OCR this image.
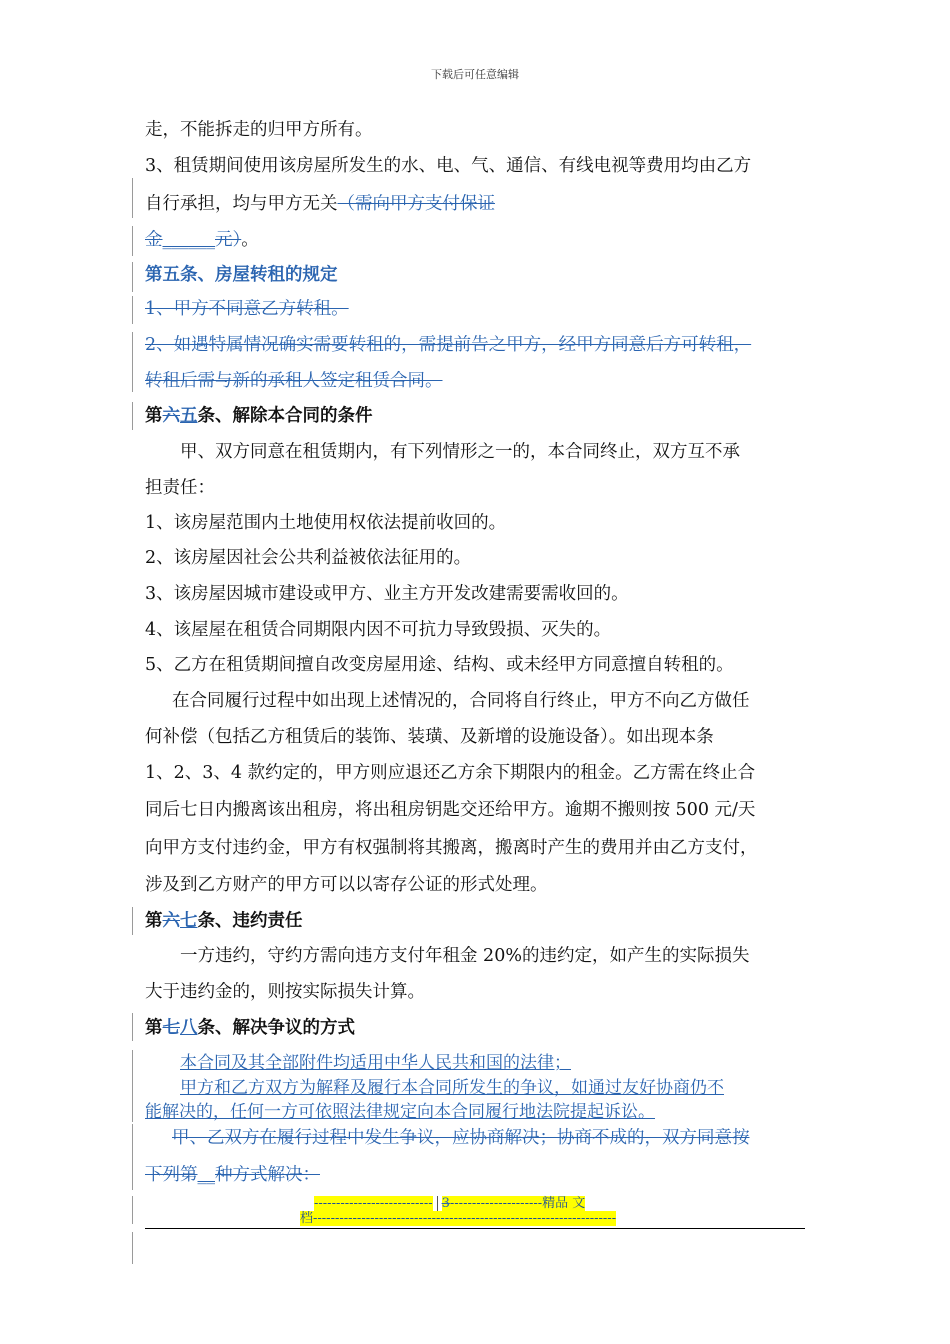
下载后可任意编辑
走，不能拆走的归甲方所有。
3、租赁期间使用该房屋所发生的水、电、气、通信、有线电视等费用均由乙方
自行承担，均与甲方无关（需向甲方支付保证
金______元）。
第五条、房屋转租的规定
1、甲方不同意乙方转租。
2、如遇特属情况确实需要转租的，需提前告之甲方，经甲方同意后方可转租，
转租后需与新的承租人签定租赁合同。
第六五条、解除本合同的条件
甲、双方同意在租赁期内，有下列情形之一的，本合同终止，双方互不承
担责任：
1、该房屋范围内土地使用权依法提前收回的。
2、该房屋因社会公共利益被依法征用的。
3、该房屋因城市建设或甲方、业主方开发改建需要需收回的。
4、该屋屋在租赁合同期限内因不可抗力导致毁损、灭失的。
5、乙方在租赁期间擅自改变房屋用途、结构、或未经甲方同意擅自转租的。
在合同履行过程中如出现上述情况的，合同将自行终止，甲方不向乙方做任
何补偿（包括乙方租赁后的装饰、装璜、及新增的设施设备）。如出现本条
1、2、3、4 款约定的，甲方则应退还乙方余下期限内的租金。乙方需在终止合
同后七日内搬离该出租房，将出租房钥匙交还给甲方。逾期不搬则按 500 元/天
向甲方支付违约金，甲方有权强制将其搬离，搬离时产生的费用并由乙方支付，
涉及到乙方财产的甲方可以以寄存公证的形式处理。
第六七条、违约责任
一方违约，守约方需向违方支付年租金 20%的违约定，如产生的实际损失
大于违约金的，则按实际损失计算。
第七八条、解决争议的方式
本合同及其全部附件均适用中华人民共和国的法律；
甲方和乙方双方为解释及履行本合同所发生的争议，如通过友好协商仍不
能解决的，任何一方可依照法律规定向本合同履行地法院提起诉讼。
甲、乙双方在履行过程中发生争议，应协商解决；协商不成的，双方同意按
下列第__种方式解决：
--------------------------- 3---------------------精品 文
档---------------------------------------------------------------------
